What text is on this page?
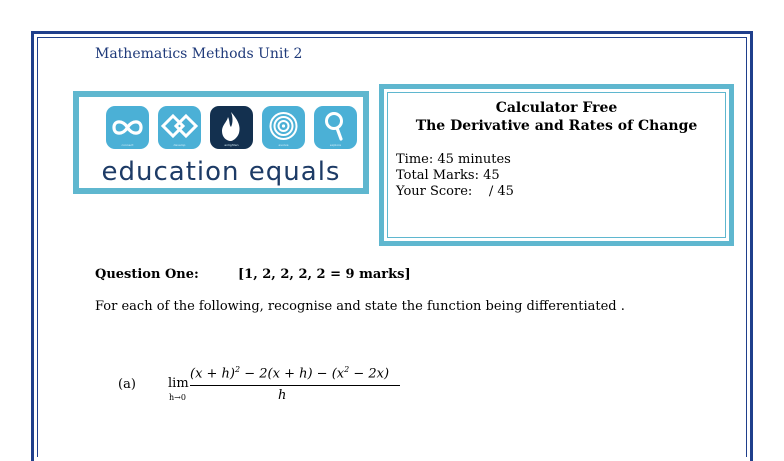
Mathematics Methods Unit 2
connect	develop	enlighten	evolve	explore
education equals
Calculator Free
The Derivative and Rates of Change
Time: 45 minutes
Total Marks: 45
Your Score:    / 45
Question One:	[1, 2, 2, 2, 2 = 9 marks]
For each of the following, recognise and state the function being differentiated .
(a) lim
h→0
$(x + h)^2 - 2(x + h) - (x^2 - 2x)$
h
